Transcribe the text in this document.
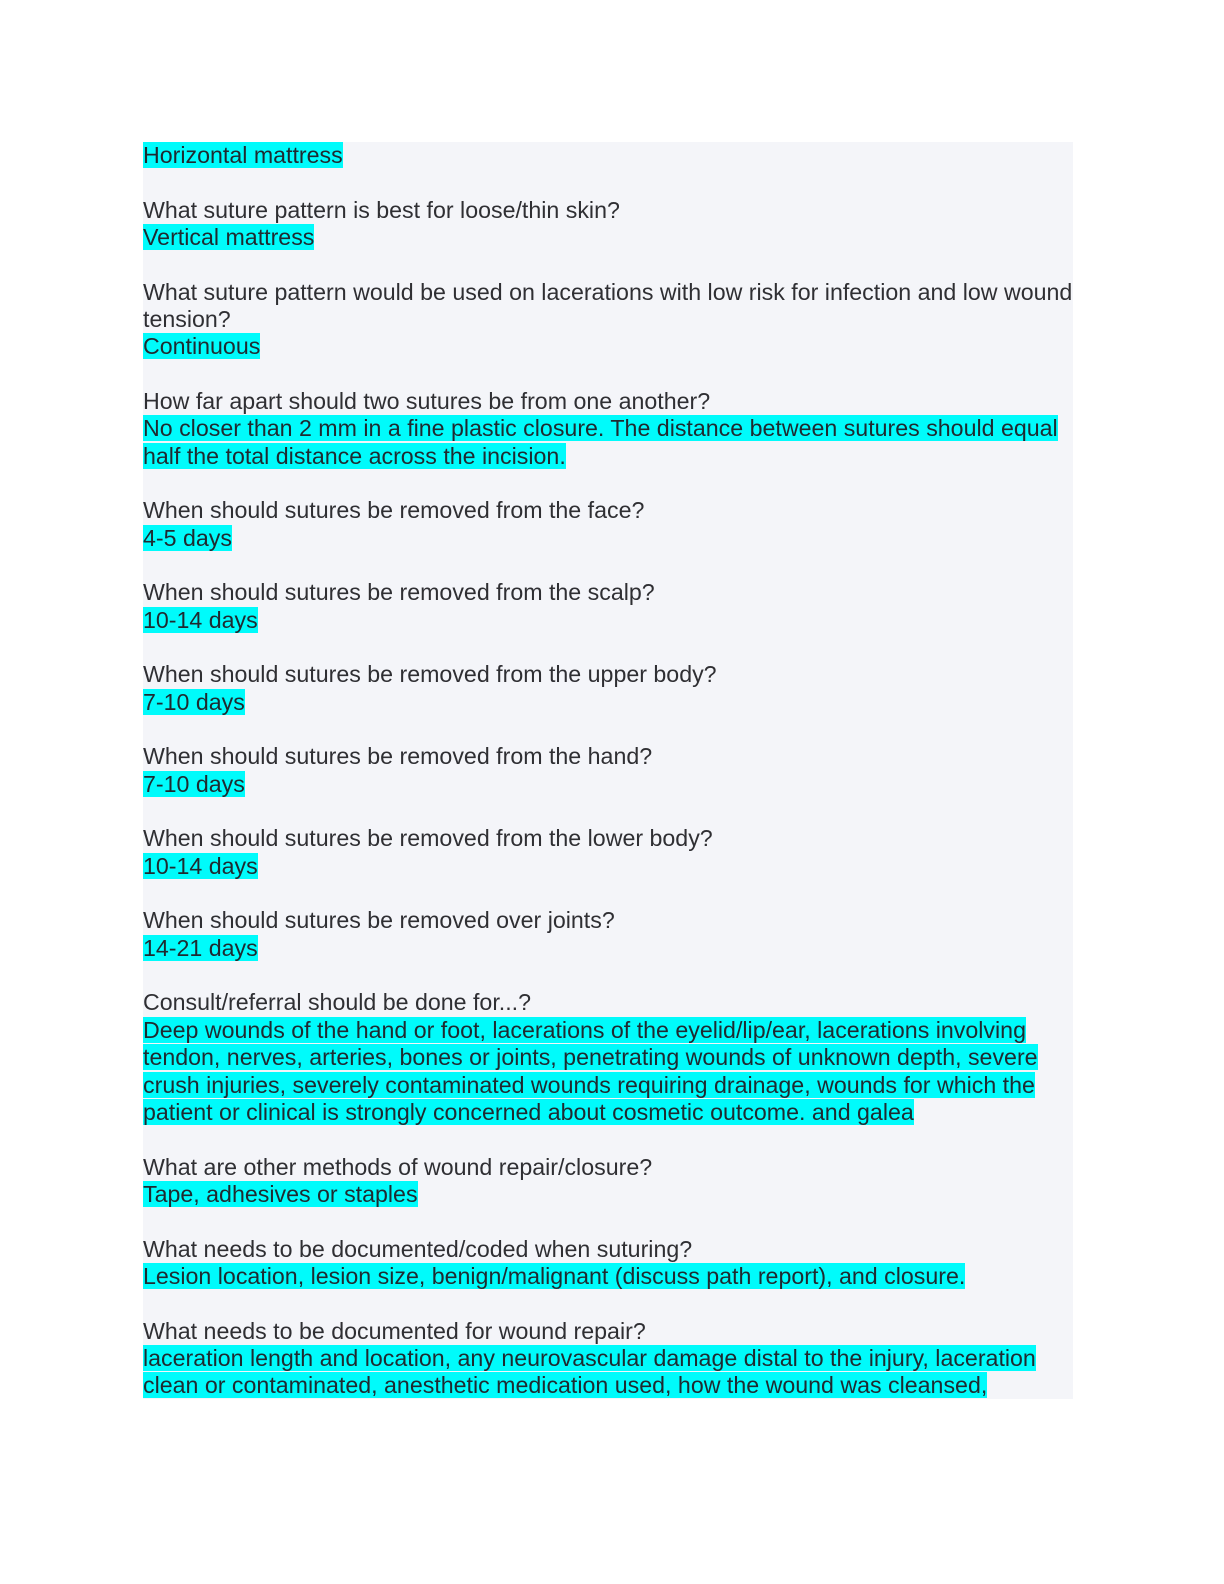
Horizontal mattress
What suture pattern is best for loose/thin skin?
Vertical mattress
What suture pattern would be used on lacerations with low risk for infection and low wound tension?
Continuous
How far apart should two sutures be from one another?
No closer than 2 mm in a fine plastic closure. The distance between sutures should equal half the total distance across the incision.
When should sutures be removed from the face?
4-5 days
When should sutures be removed from the scalp?
10-14 days
When should sutures be removed from the upper body?
7-10 days
When should sutures be removed from the hand?
7-10 days
When should sutures be removed from the lower body?
10-14 days
When should sutures be removed over joints?
14-21 days
Consult/referral should be done for...?
Deep wounds of the hand or foot, lacerations of the eyelid/lip/ear, lacerations involving tendon, nerves, arteries, bones or joints, penetrating wounds of unknown depth, severe crush injuries, severely contaminated wounds requiring drainage, wounds for which the patient or clinical is strongly concerned about cosmetic outcome. and galea
What are other methods of wound repair/closure?
Tape, adhesives or staples
What needs to be documented/coded when suturing?
Lesion location, lesion size, benign/malignant (discuss path report), and closure.
What needs to be documented for wound repair?
laceration length and location, any neurovascular damage distal to the injury, laceration clean or contaminated, anesthetic medication used, how the wound was cleansed,
